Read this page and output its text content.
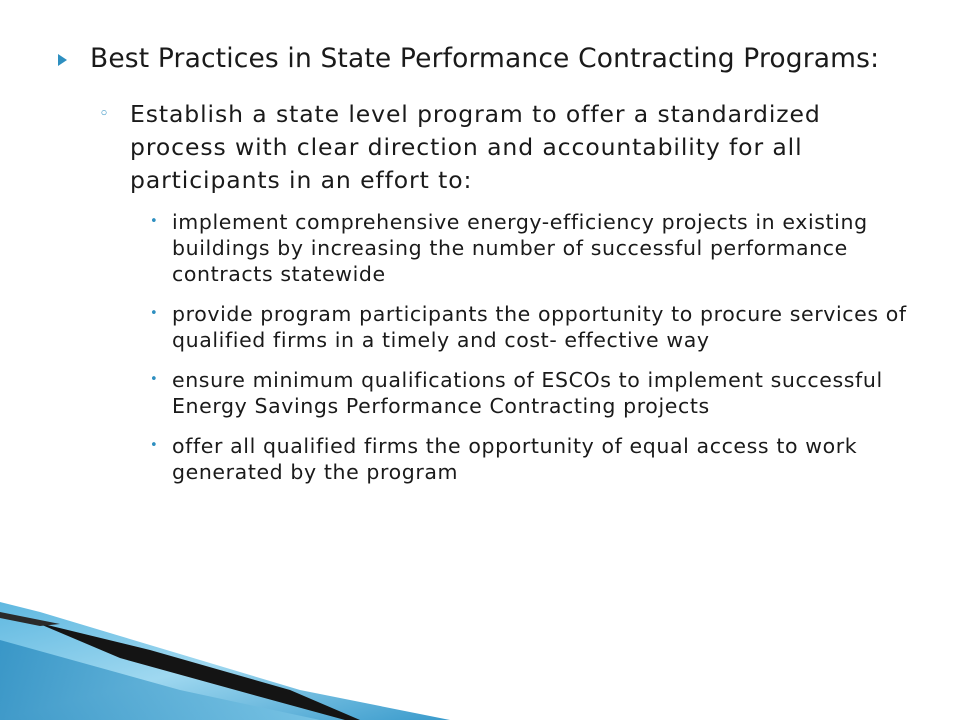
Best Practices in State Performance Contracting Programs:
◦ Establish a state level program to offer a standardized process with clear direction and accountability for all participants in an effort to:
• implement comprehensive energy-efficiency projects in existing buildings by increasing the number of successful performance contracts statewide
• provide program participants the opportunity to procure services of qualified firms in a timely and cost- effective way
• ensure minimum qualifications of ESCOs to implement successful Energy Savings Performance Contracting projects
• offer all qualified firms the opportunity of equal access to work generated by the program
